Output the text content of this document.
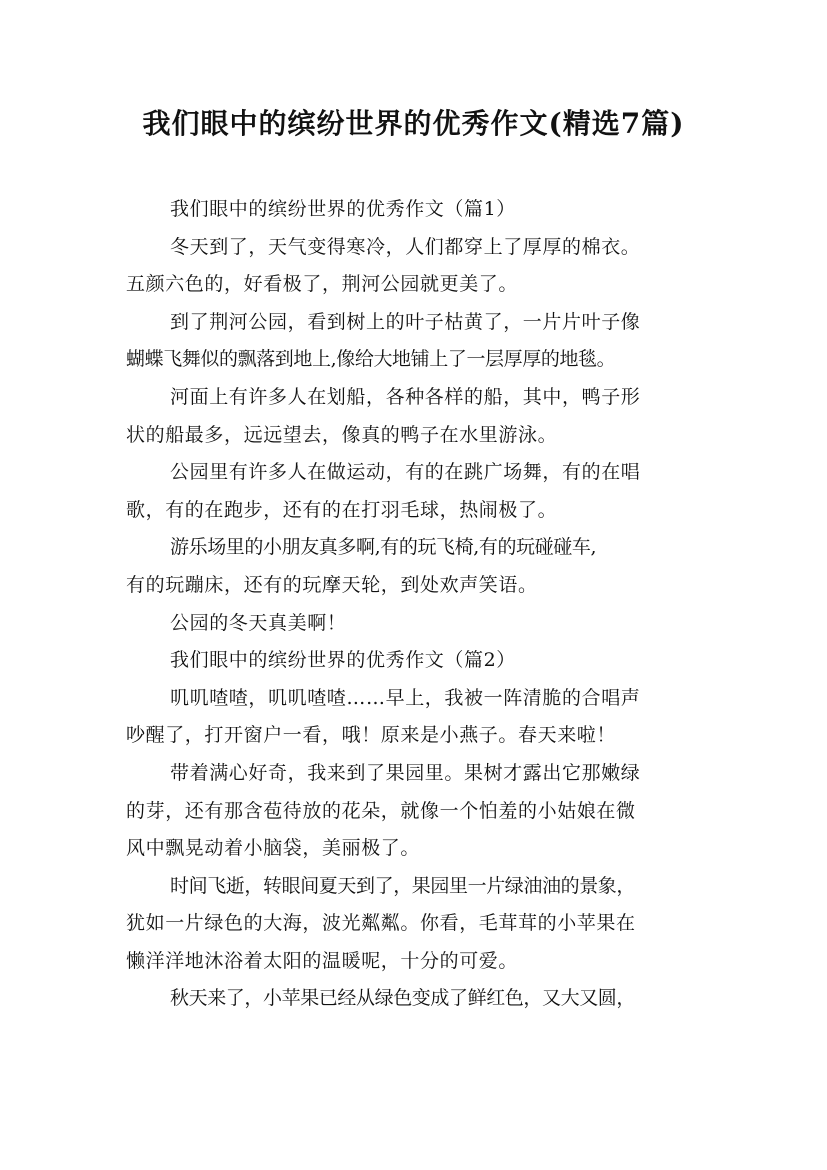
我们眼中的缤纷世界的优秀作文(精选7篇)
我们眼中的缤纷世界的优秀作文（篇1）
冬天到了，天气变得寒冷，人们都穿上了厚厚的棉衣。
五颜六色的，好看极了，荆河公园就更美了。
到了荆河公园，看到树上的叶子枯黄了，一片片叶子像
蝴蝶飞舞似的飘落到地上,像给大地铺上了一层厚厚的地毯。
河面上有许多人在划船，各种各样的船，其中，鸭子形
状的船最多，远远望去，像真的鸭子在水里游泳。
公园里有许多人在做运动，有的在跳广场舞，有的在唱
歌，有的在跑步，还有的在打羽毛球，热闹极了。
游乐场里的小朋友真多啊,有的玩飞椅,有的玩碰碰车,
有的玩蹦床，还有的玩摩天轮，到处欢声笑语。
公园的冬天真美啊！
我们眼中的缤纷世界的优秀作文（篇2）
叽叽喳喳，叽叽喳喳……早上，我被一阵清脆的合唱声
吵醒了，打开窗户一看，哦！原来是小燕子。春天来啦！
带着满心好奇，我来到了果园里。果树才露出它那嫩绿
的芽，还有那含苞待放的花朵，就像一个怕羞的小姑娘在微
风中飘晃动着小脑袋，美丽极了。
时间飞逝，转眼间夏天到了，果园里一片绿油油的景象，
犹如一片绿色的大海，波光粼粼。你看，毛茸茸的小苹果在
懒洋洋地沐浴着太阳的温暖呢，十分的可爱。
秋天来了，小苹果已经从绿色变成了鲜红色，又大又圆，
